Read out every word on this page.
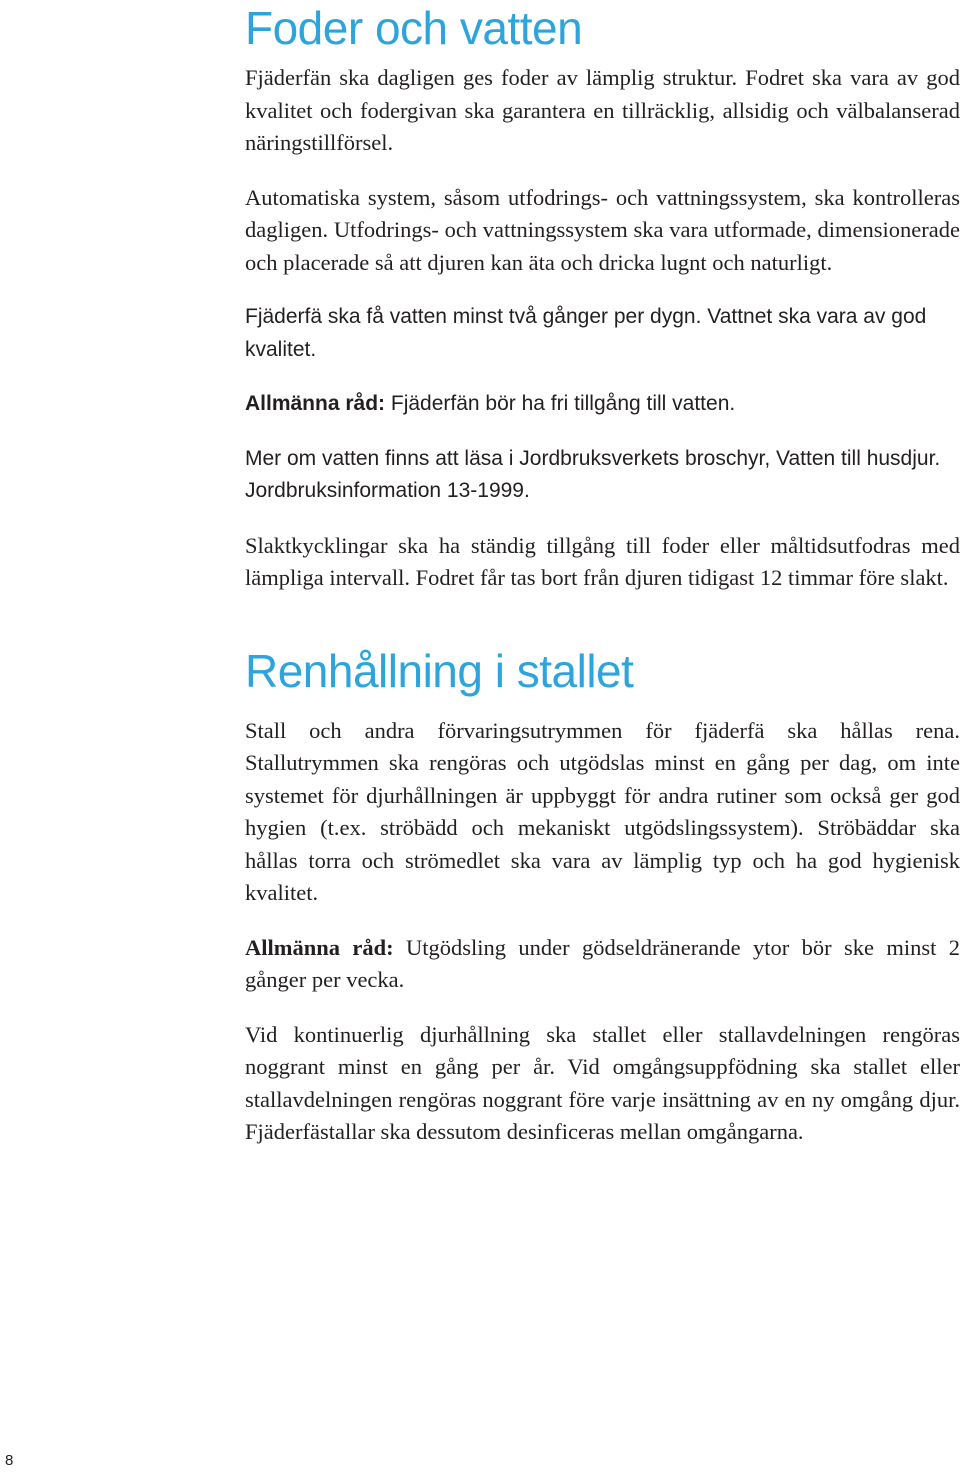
Foder och vatten

Fjäderfän ska dagligen ges foder av lämplig struktur. Fodret ska vara av god kvalitet och fodergivan ska garantera en tillräcklig, allsidig och välbalanserad näringstillförsel.

Automatiska system, såsom utfodrings- och vattningssystem, ska kontrolleras dagligen. Utfodrings- och vattningssystem ska vara utformade, dimensionerade och placerade så att djuren kan äta och dricka lugnt och naturligt.

Fjäderfä ska få vatten minst två gånger per dygn. Vattnet ska vara av god kvalitet.

Allmänna råd: Fjäderfän bör ha fri tillgång till vatten.

Mer om vatten finns att läsa i Jordbruksverkets broschyr, Vatten till husdjur. Jordbruksinformation 13-1999.

Slaktkycklingar ska ha ständig tillgång till foder eller måltidsutfodras med lämpliga intervall. Fodret får tas bort från djuren tidigast 12 timmar före slakt.

Renhållning i stallet

Stall och andra förvaringsutrymmen för fjäderfä ska hållas rena. Stallutrymmen ska rengöras och utgödslas minst en gång per dag, om inte systemet för djurhållningen är uppbyggt för andra rutiner som också ger god hygien (t.ex. ströbädd och mekaniskt utgödslingssystem). Ströbäddar ska hållas torra och strömedlet ska vara av lämplig typ och ha god hygienisk kvalitet.

Allmänna råd: Utgödsling under gödseldränerande ytor bör ske minst 2 gånger per vecka.

Vid kontinuerlig djurhållning ska stallet eller stallavdelningen rengöras noggrant minst en gång per år. Vid omgångsuppfödning ska stallet eller stallavdelningen rengöras noggrant före varje insättning av en ny omgång djur. Fjäderfästallar ska dessutom desinficeras mellan omgångarna.

8
